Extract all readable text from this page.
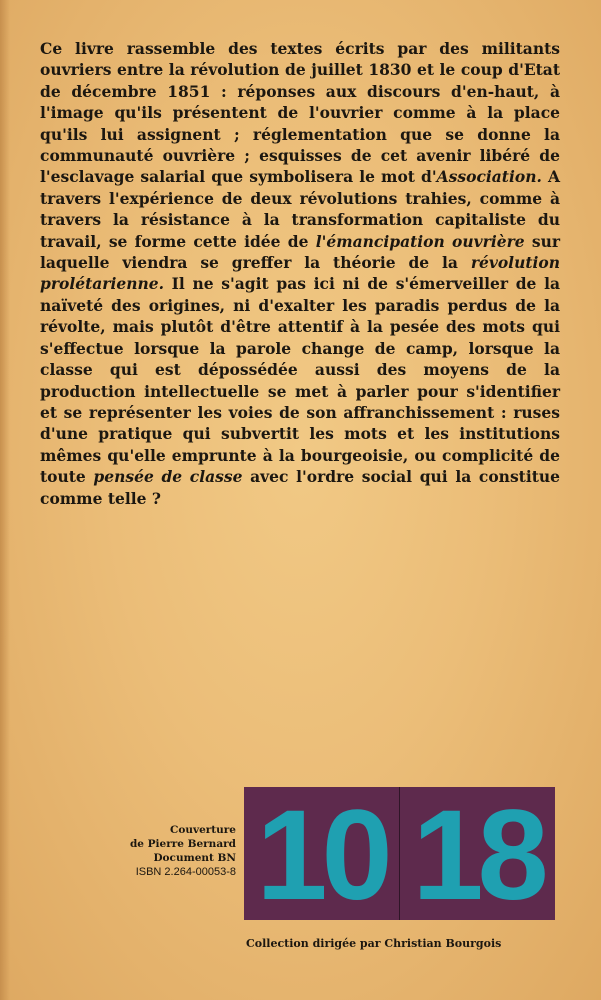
Ce livre rassemble des textes écrits par des militants ouvriers entre la révolution de juillet 1830 et le coup d'Etat de décembre 1851 : réponses aux discours d'en-haut, à l'image qu'ils présentent de l'ouvrier comme à la place qu'ils lui assignent ; réglementation que se donne la communauté ouvrière ; esquisses de cet avenir libéré de l'esclavage salarial que symbolisera le mot d'Association. A travers l'expérience de deux révolutions trahies, comme à travers la résistance à la transformation capitaliste du travail, se forme cette idée de l'émancipation ouvrière sur laquelle viendra se greffer la théorie de la révolution prolétarienne. Il ne s'agit pas ici ni de s'émerveiller de la naïveté des origines, ni d'exalter les paradis perdus de la révolte, mais plutôt d'être attentif à la pesée des mots qui s'effectue lorsque la parole change de camp, lorsque la classe qui est dépossédée aussi des moyens de la production intellectuelle se met à parler pour s'identifier et se représenter les voies de son affranchissement : ruses d'une pratique qui subvertit les mots et les institutions mêmes qu'elle emprunte à la bourgeoisie, ou complicité de toute pensée de classe avec l'ordre social qui la constitue comme telle ?

Couverture
de Pierre Bernard
Document BN
ISBN 2.264-00053-8 10 18
Collection dirigée par Christian Bourgois
